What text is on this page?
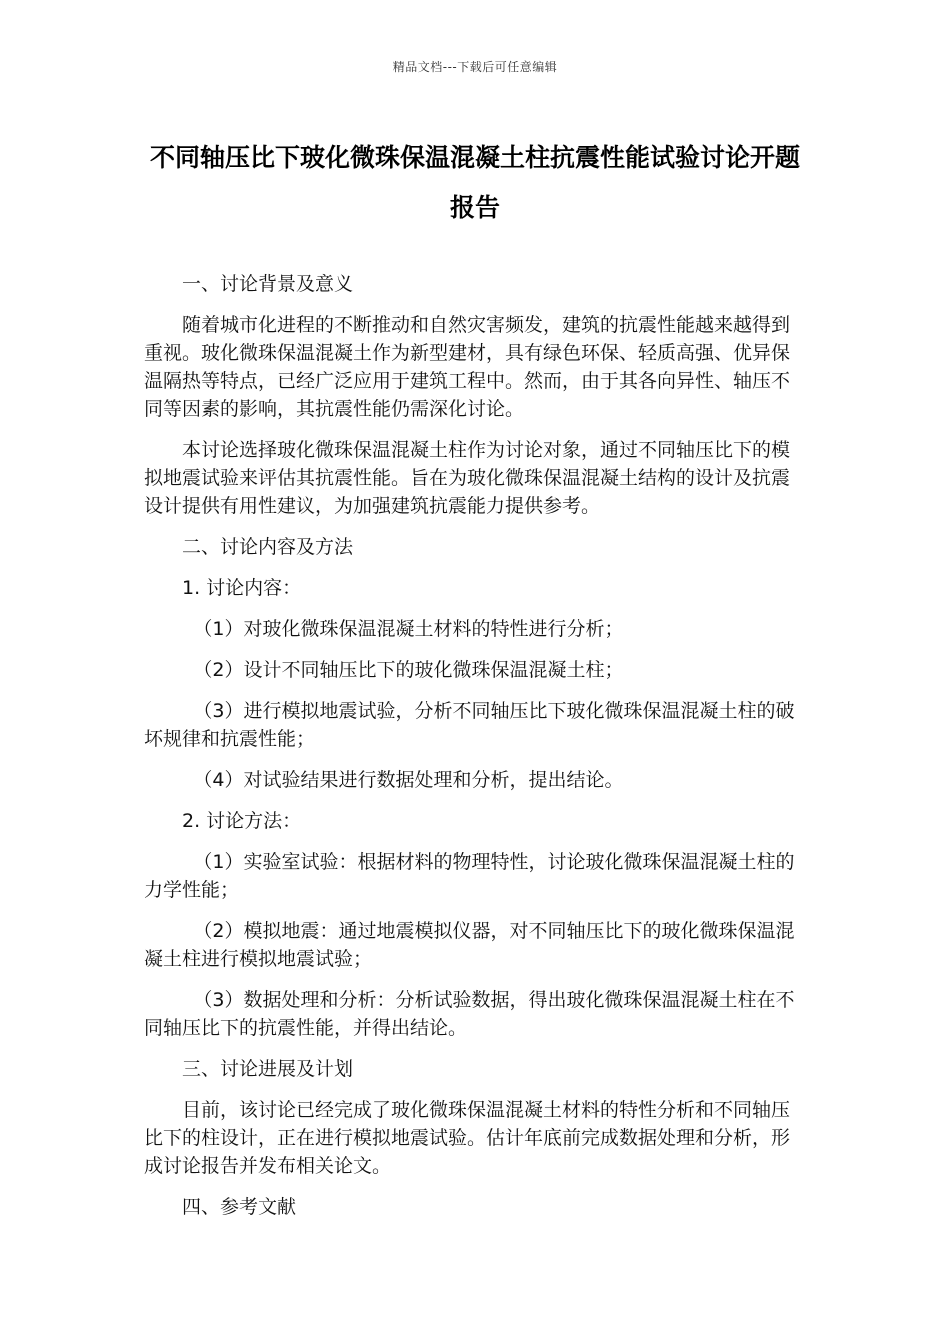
精品文档---下载后可任意编辑
不同轴压比下玻化微珠保温混凝土柱抗震性能试验讨论开题报告

一、讨论背景及意义

随着城市化进程的不断推动和自然灾害频发，建筑的抗震性能越来越得到重视。玻化微珠保温混凝土作为新型建材，具有绿色环保、轻质高强、优异保温隔热等特点，已经广泛应用于建筑工程中。然而，由于其各向异性、轴压不同等因素的影响，其抗震性能仍需深化讨论。

本讨论选择玻化微珠保温混凝土柱作为讨论对象，通过不同轴压比下的模拟地震试验来评估其抗震性能。旨在为玻化微珠保温混凝土结构的设计及抗震设计提供有用性建议，为加强建筑抗震能力提供参考。

二、讨论内容及方法

1. 讨论内容：

（1）对玻化微珠保温混凝土材料的特性进行分析；

（2）设计不同轴压比下的玻化微珠保温混凝土柱；

（3）进行模拟地震试验，分析不同轴压比下玻化微珠保温混凝土柱的破坏规律和抗震性能；

（4）对试验结果进行数据处理和分析，提出结论。

2. 讨论方法：

（1）实验室试验：根据材料的物理特性，讨论玻化微珠保温混凝土柱的力学性能；

（2）模拟地震：通过地震模拟仪器，对不同轴压比下的玻化微珠保温混凝土柱进行模拟地震试验；

（3）数据处理和分析：分析试验数据，得出玻化微珠保温混凝土柱在不同轴压比下的抗震性能，并得出结论。

三、讨论进展及计划

目前，该讨论已经完成了玻化微珠保温混凝土材料的特性分析和不同轴压比下的柱设计，正在进行模拟地震试验。估计年底前完成数据处理和分析，形成讨论报告并发布相关论文。

四、参考文献
